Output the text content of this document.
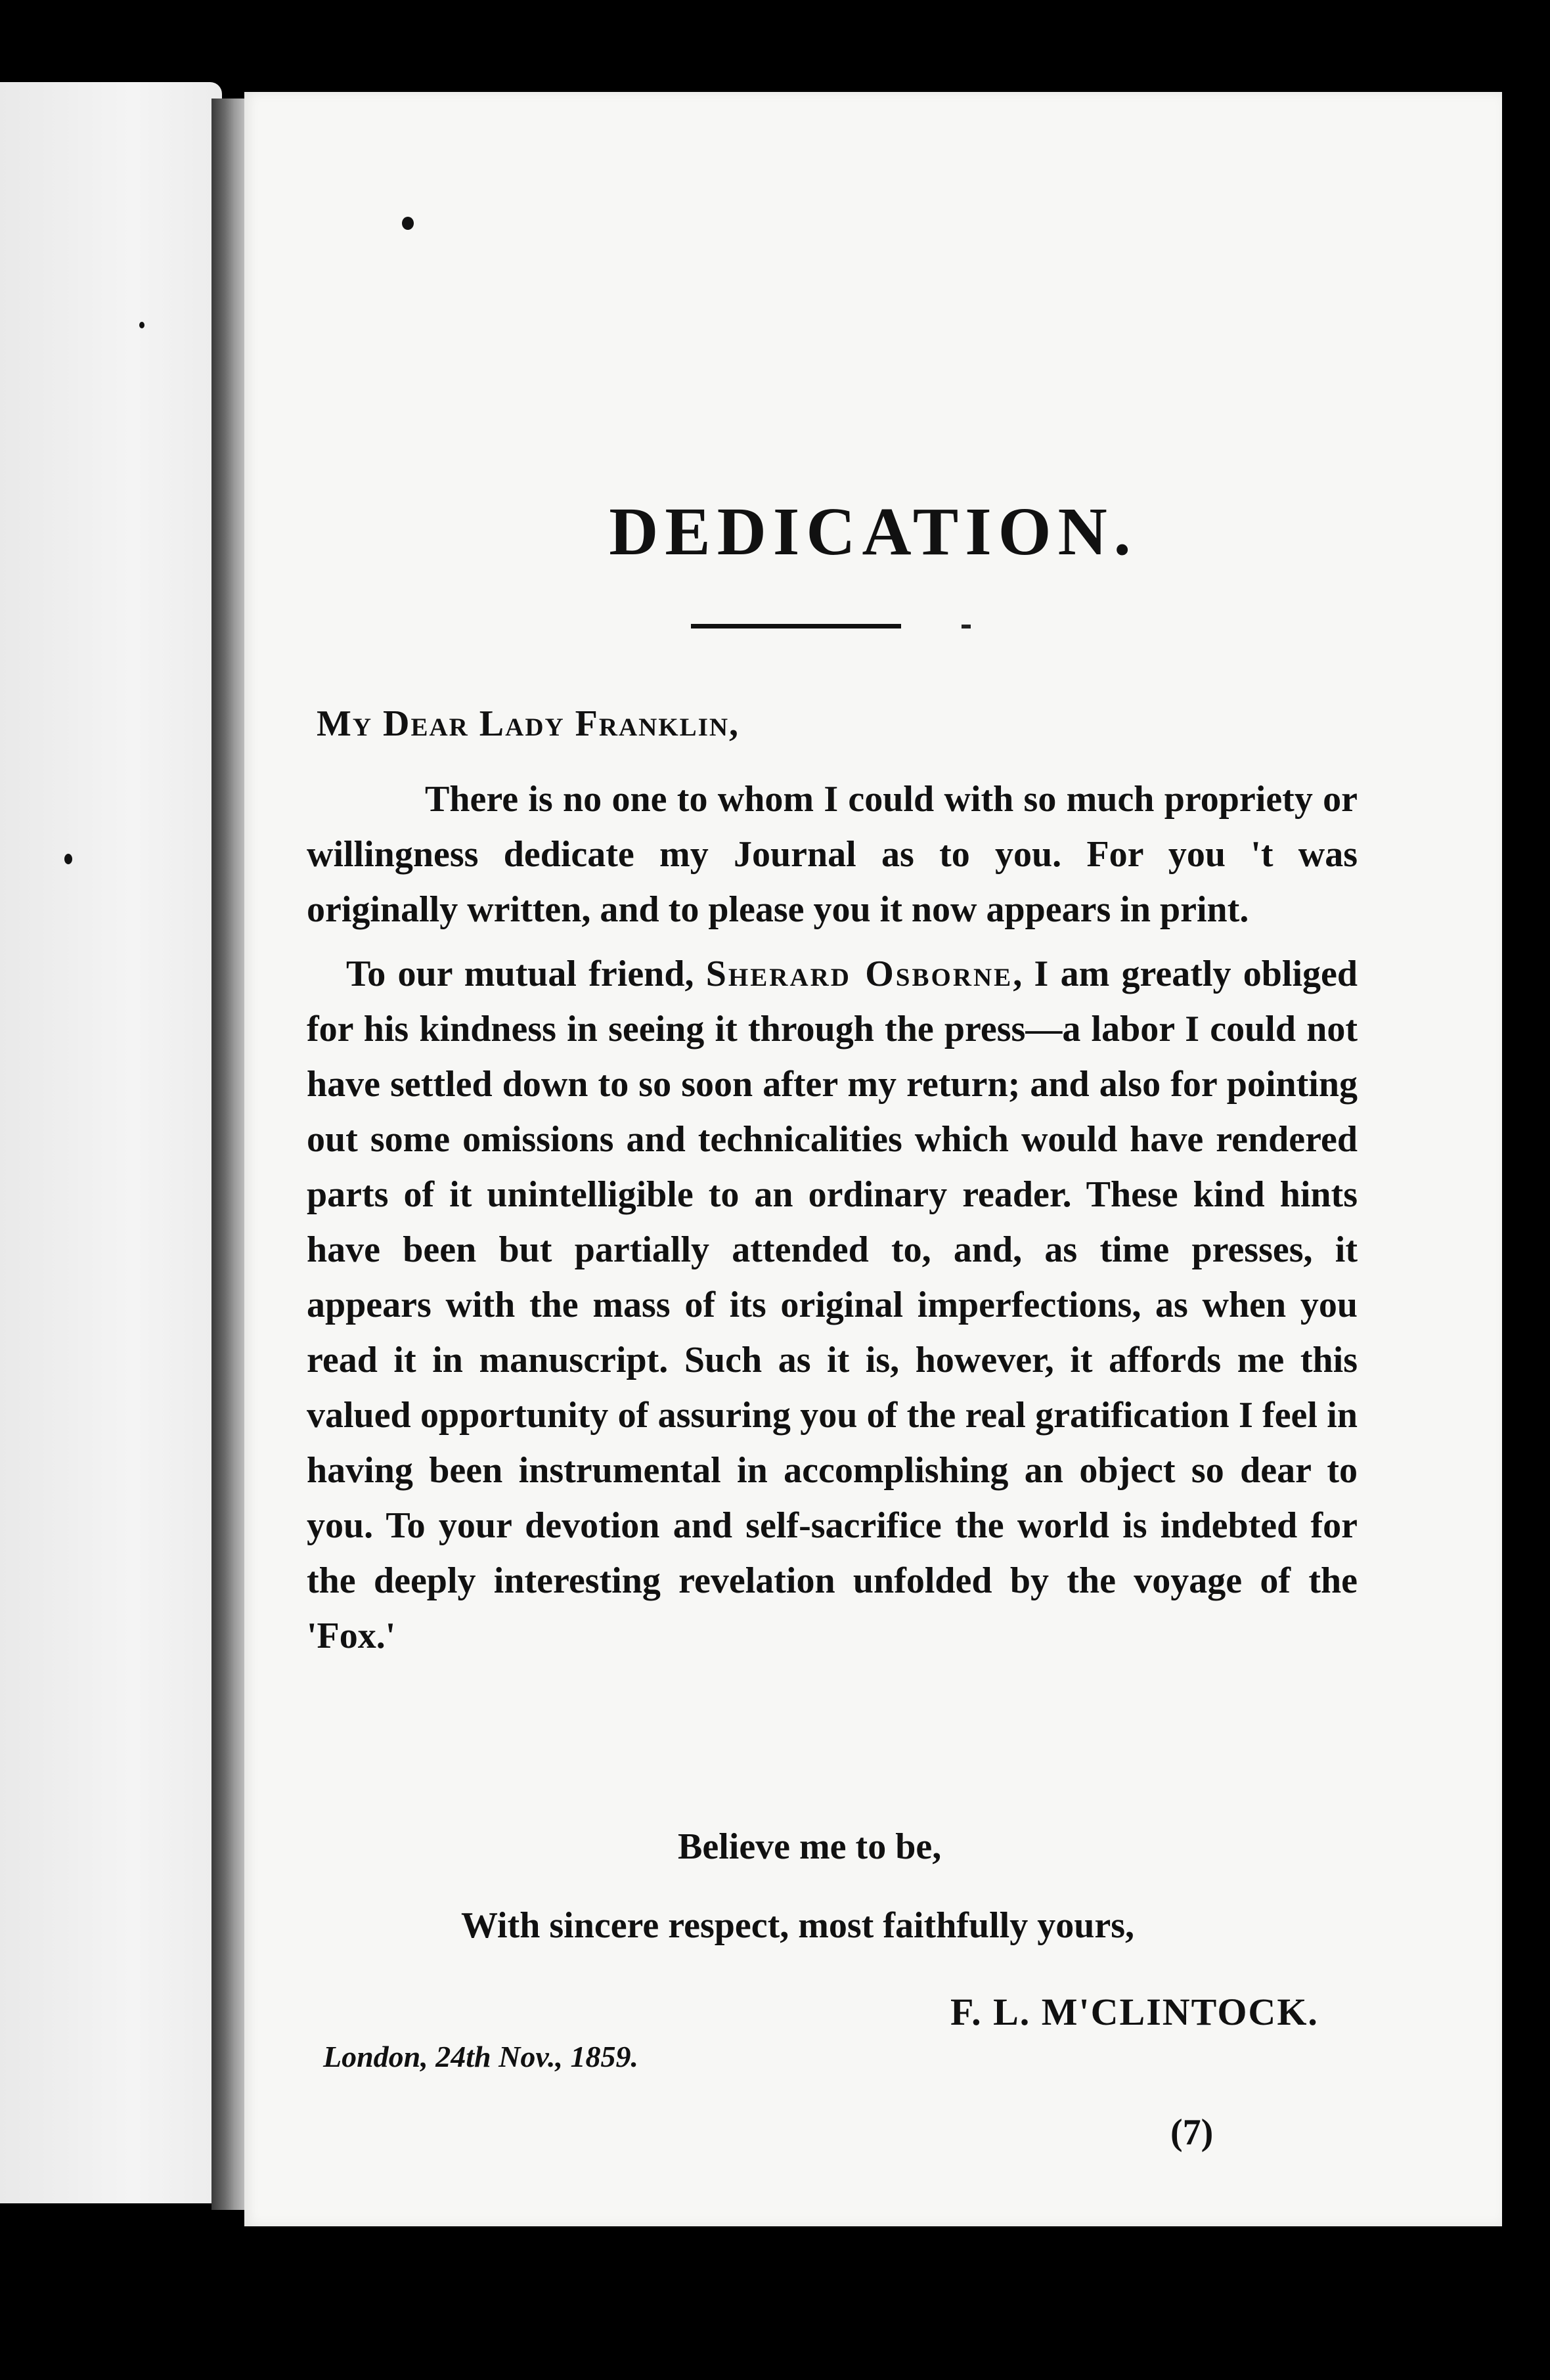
DEDICATION.

My Dear Lady Franklin,

There is no one to whom I could with so much propriety or willingness dedicate my Journal as to you. For you 't was originally written, and to please you it now appears in print.

To our mutual friend, Sherard Osborne, I am greatly obliged for his kindness in seeing it through the press—a labor I could not have settled down to so soon after my return; and also for pointing out some omissions and technicalities which would have rendered parts of it unintelligible to an ordinary reader. These kind hints have been but partially attended to, and, as time presses, it appears with the mass of its original imperfections, as when you read it in manuscript. Such as it is, however, it affords me this valued opportunity of assuring you of the real gratification I feel in having been instrumental in accomplishing an object so dear to you. To your devotion and self-sacrifice the world is indebted for the deeply interesting revelation unfolded by the voyage of the 'Fox.'

Believe me to be,

With sincere respect, most faithfully yours,

F. L. M'CLINTOCK.

London, 24th Nov., 1859.

(7)
